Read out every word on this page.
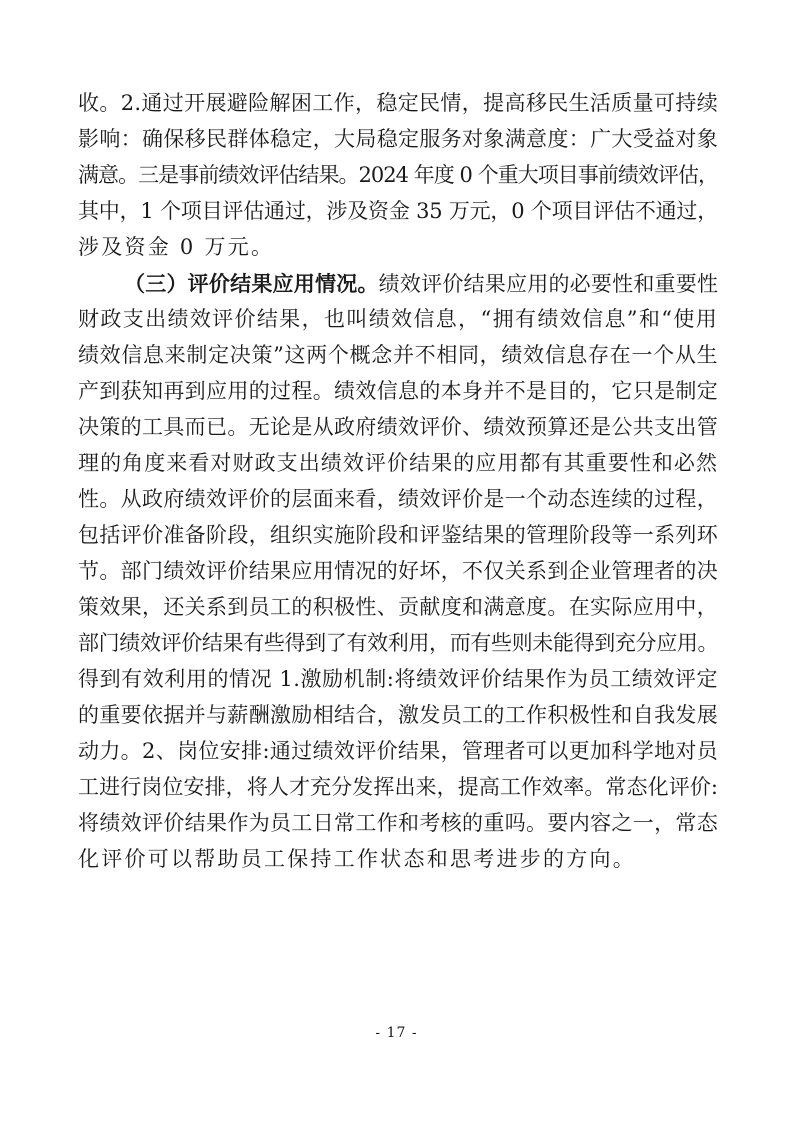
收。2.通过开展避险解困工作，稳定民情，提高移民生活质量可持续
影响：确保移民群体稳定，大局稳定服务对象满意度：广大受益对象
满意。三是事前绩效评估结果。2024 年度 0 个重大项目事前绩效评估，
其中，1 个项目评估通过，涉及资金 35 万元，0 个项目评估不通过，
涉及资金 0 万元。
（三）评价结果应用情况。绩效评价结果应用的必要性和重要性
财政支出绩效评价结果，也叫绩效信息，“拥有绩效信息”和“使用
绩效信息来制定决策”这两个概念并不相同，绩效信息存在一个从生
产到获知再到应用的过程。绩效信息的本身并不是目的，它只是制定
决策的工具而已。无论是从政府绩效评价、绩效预算还是公共支出管
理的角度来看对财政支出绩效评价结果的应用都有其重要性和必然
性。从政府绩效评价的层面来看，绩效评价是一个动态连续的过程，
包括评价准备阶段，组织实施阶段和评鉴结果的管理阶段等一系列环
节。部门绩效评价结果应用情况的好坏，不仅关系到企业管理者的决
策效果，还关系到员工的积极性、贡献度和满意度。在实际应用中，
部门绩效评价结果有些得到了有效利用，而有些则未能得到充分应用。
得到有效利用的情况 1.激励机制:将绩效评价结果作为员工绩效评定
的重要依据并与薪酬激励相结合，激发员工的工作积极性和自我发展
动力。2、岗位安排:通过绩效评价结果，管理者可以更加科学地对员
工进行岗位安排，将人才充分发挥出来，提高工作效率。常态化评价:
将绩效评价结果作为员工日常工作和考核的重吗。要内容之一，常态
化评价可以帮助员工保持工作状态和思考进步的方向。
- 17 -
